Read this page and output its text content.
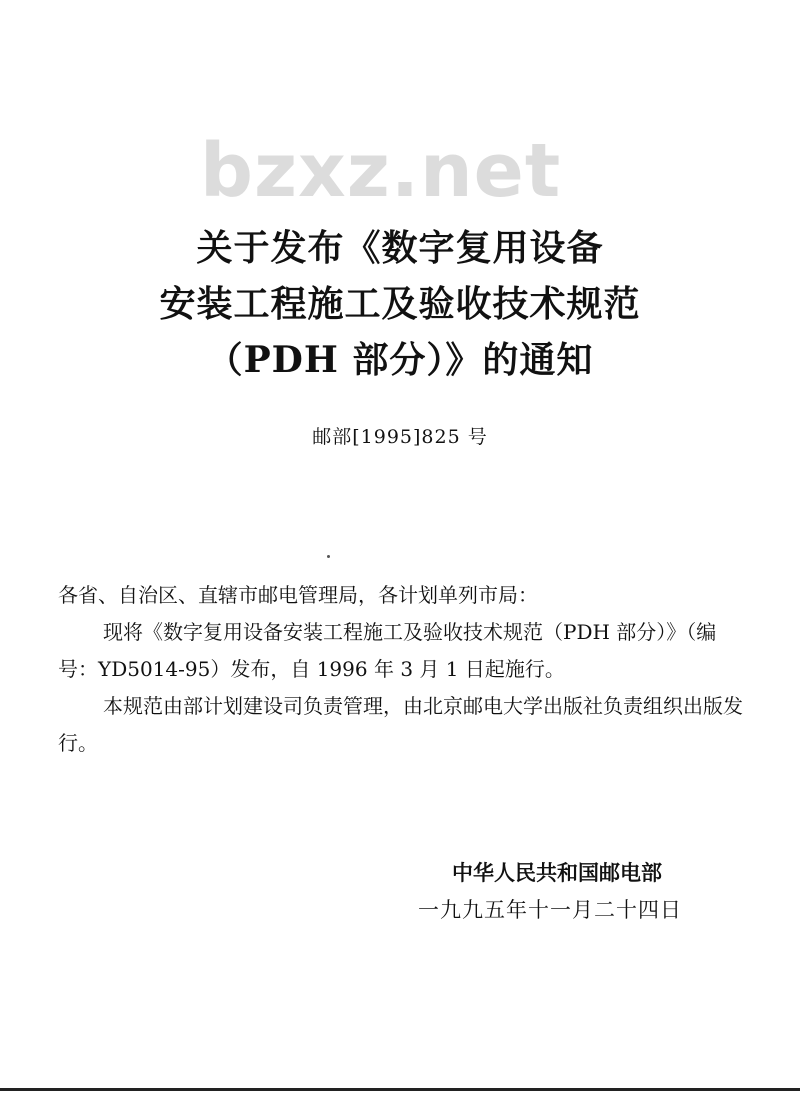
bzxz.net
关于发布《数字复用设备
安装工程施工及验收技术规范
（PDH 部分）》的通知
邮部[1995]825 号

各省、自治区、直辖市邮电管理局，各计划单列市局：

现将《数字复用设备安装工程施工及验收技术规范（PDH 部分）》（编号：YD5014-95）发布，自 1996 年 3 月 1 日起施行。

本规范由部计划建设司负责管理，由北京邮电大学出版社负责组织出版发行。

中华人民共和国邮电部
一九九五年十一月二十四日
